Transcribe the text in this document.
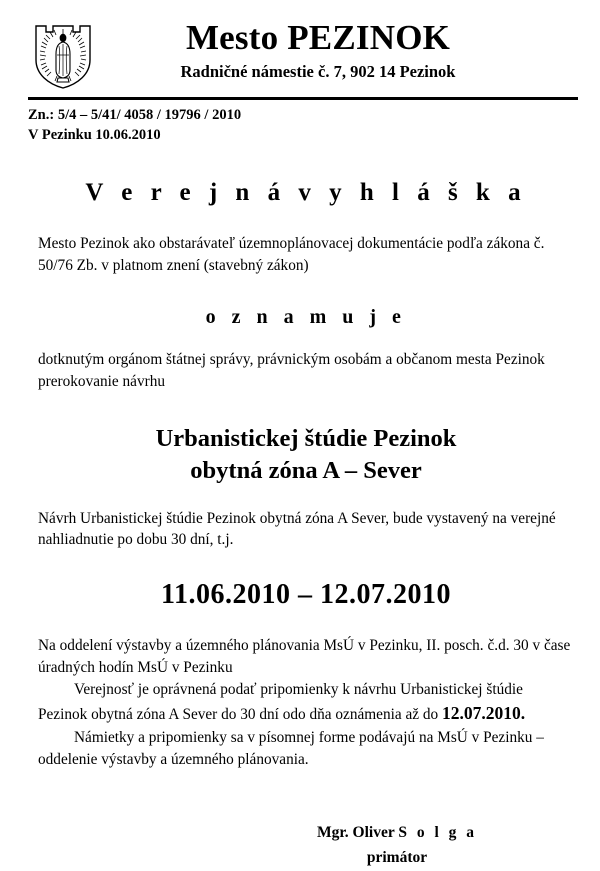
Mesto PEZINOK
Radničné námestie č. 7, 902 14 Pezinok
Zn.: 5/4 – 5/41/ 4058 / 19796 / 2010
V Pezinku 10.06.2010
V e r e j n á v y h l á š k a

Mesto Pezinok ako obstarávateľ územnoplánovacej dokumentácie podľa zákona č. 50/76 Zb. v platnom znení (stavebný zákon)

o z n a m u j e

dotknutým orgánom štátnej správy, právnickým osobám a občanom mesta Pezinok prerokovanie návrhu

Urbanistickej štúdie Pezinok
obytná zóna A – Sever

Návrh Urbanistickej štúdie Pezinok obytná zóna A Sever, bude vystavený na verejné nahliadnutie po dobu 30 dní, t.j.

11.06.2010 – 12.07.2010
Na oddelení výstavby a územného plánovania MsÚ v Pezinku, II. posch. č.d. 30 v čase úradných hodín MsÚ v Pezinku
Verejnosť je oprávnená podať pripomienky k návrhu Urbanistickej štúdie Pezinok obytná zóna A Sever do 30 dní odo dňa oznámenia až do 12.07.2010.
Námietky a pripomienky sa v písomnej forme podávajú na MsÚ v Pezinku – oddelenie výstavby a územného plánovania.
Mgr. Oliver S o l g a
primátor
